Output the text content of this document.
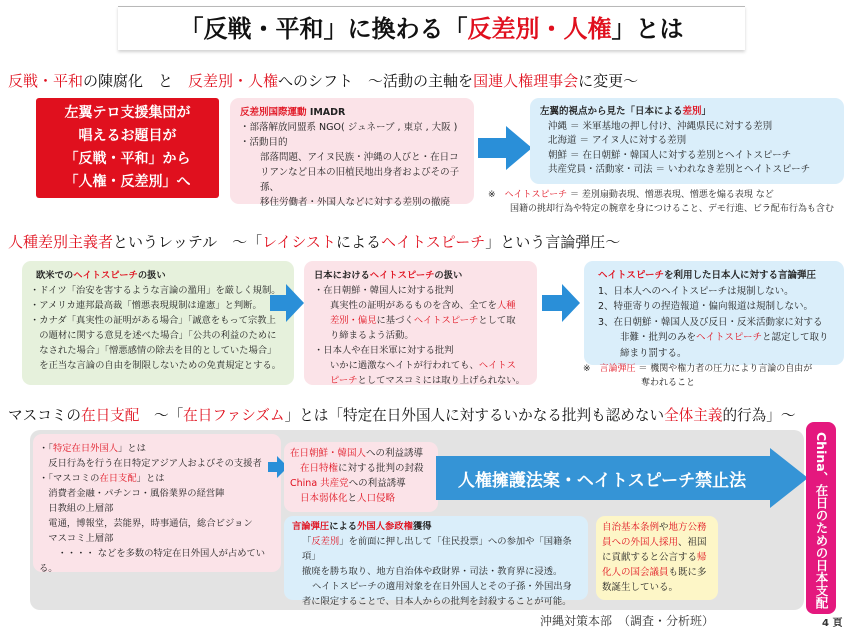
「反戦・平和」に換わる「反差別・人権」とは
反戦・平和の陳腐化　と　反差別・人権へのシフト　～活動の主軸を国連人権理事会に変更～
左翼テロ支援集団が
唱えるお題目が
「反戦・平和」から
「人権・反差別」へ
反差別国際運動 IMADR
・部落解放同盟系 NGO( ジュネーブ , 東京 , 大阪 )
・活動目的
部落問題、アイヌ民族・沖縄の人びと・在日コ
リアンなど日本の旧植民地出身者およびその子孫、
移住労働者・外国人などに対する差別の撤廃
左翼的視点から見た「日本による差別」
沖縄 ＝ 米軍基地の押し付け、沖縄県民に対する差別
北海道 ＝ アイヌ人に対する差別
朝鮮 ＝ 在日朝鮮・韓国人に対する差別とヘイトスピーチ
共産党員・活動家・司法 ＝ いわれなき差別とヘイトスピーチ
※　ヘイトスピーチ ＝ 差別扇動表現、憎悪表現、憎悪を煽る表現 など
国籍の挑却行為や特定の腕章を身につけること、デモ行進、ビラ配布行為も含む
人種差別主義者というレッテル　～「レイシストによるヘイトスピーチ」という言論弾圧～
欧米でのヘイトスピーチの扱い
・ドイツ「治安を害するような言論の濫用」を厳しく規制。
・アメリカ連邦最高裁「憎悪表現規制は違憲」と判断。
・カナダ「真実性の証明がある場合」「誠意をもって宗教上
　の題材に関する意見を述べた場合」「公共の利益のために
　なされた場合」「憎悪感情の除去を目的としていた場合」
　を正当な言論の自由を制限しないための免責規定とする。
日本におけるヘイトスピーチの扱い
・在日朝鮮・韓国人に対する批判
真実性の証明があるものを含め、全てを人種
差別・偏見に基づくヘイトスピーチとして取
り締まるよう活動。
・日本人や在日米軍に対する批判
いかに過激なヘイトが行われても、ヘイトス
ピーチとしてマスコミには取り上げられない。
ヘイトスピーチを利用した日本人に対する言論弾圧
1、日本人へのヘイトスピーチは規制しない。
2、特亜寄りの捏造報道・偏向報道は規制しない。
3、在日朝鮮・韓国人及び反日・反米活動家に対する
非難・批判のみをヘイトスピーチと認定して取り
締まり罰する。
※　言論弾圧 ＝ 機関や権力者の圧力により言論の自由が
奪われること
マスコミの在日支配　～「在日ファシズム」とは「特定在日外国人に対するいかなる批判も認めない全体主義的行為」～
・「特定在日外国人」とは
　反日行為を行う在日特定アジア人およびその支援者
・「マスコミの在日支配」とは
　消費者金融・パチンコ・風俗業界の経営陣
　日教組の上層部
　電通，博報堂，芸能界，時事通信，総合ビジョン
　マスコミ上層部
　　・・・・ などを多数の特定在日外国人が占めている。
在日朝鮮・韓国人への利益誘導
在日特権に対する批判の封殺
China 共産党への利益誘導
日本弱体化と人口侵略
人権擁護法案・ヘイトスピーチ禁止法
言論弾圧による外国人参政権獲得
「反差別」を前面に押し出して「住民投票」への参加や「国籍条項」
撤廃を勝ち取り、地方自治体や政財界・司法・教育界に浸透。
ヘイトスピーチの適用対象を在日外国人とその子孫・外国出身
者に限定することで、日本人からの批判を封殺することが可能。
自治基本条例や地方公務
員への外国人採用、祖国
に貢献すると公言する帰
化人の国会議員も既に多
数誕生している。
China、在日のための日本支配
沖縄対策本部　（調査・分析班）	4 頁
